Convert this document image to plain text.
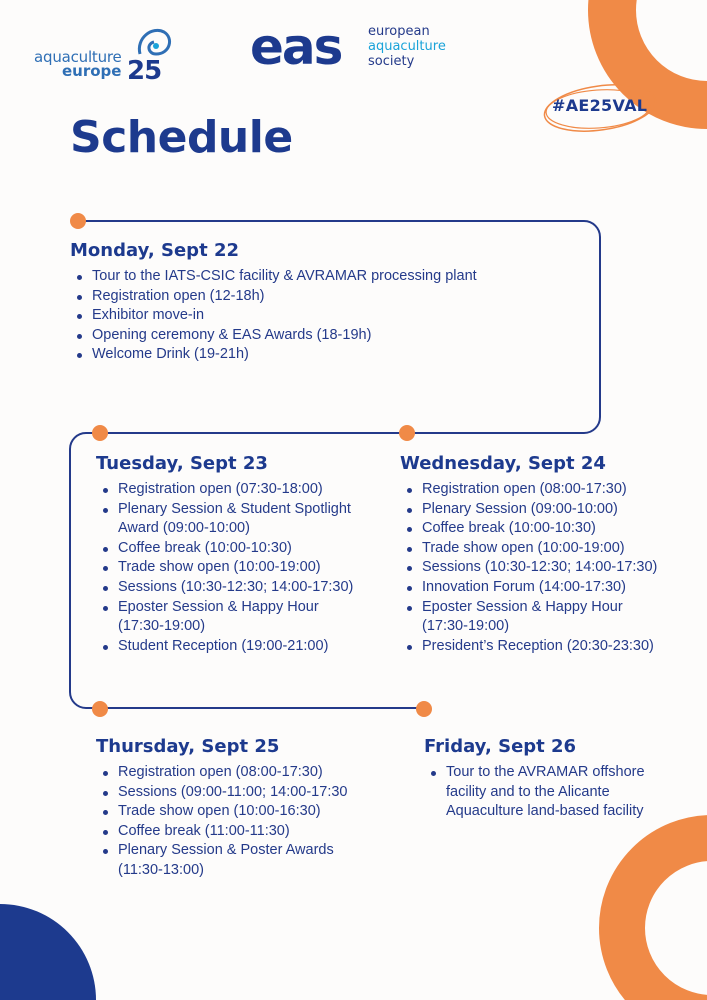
aquaculture
europe 25 eas european
aquaculture
society
#AE25VAL
Schedule
Monday, Sept 22
Tour to the IATS-CSIC facility & AVRAMAR processing plant
Registration open (12-18h)
Exhibitor move-in
Opening ceremony & EAS Awards (18-19h)
Welcome Drink (19-21h)
Tuesday, Sept 23
Registration open (07:30-18:00)
Plenary Session & Student Spotlight Award (09:00-10:00)
Coffee break (10:00-10:30)
Trade show open (10:00-19:00)
Sessions (10:30-12:30; 14:00-17:30)
Eposter Session & Happy Hour (17:30-19:00)
Student Reception (19:00-21:00)
Wednesday, Sept 24
Registration open (08:00-17:30)
Plenary Session (09:00-10:00)
Coffee break (10:00-10:30)
Trade show open (10:00-19:00)
Sessions (10:30-12:30; 14:00-17:30)
Innovation Forum (14:00-17:30)
Eposter Session & Happy Hour (17:30-19:00)
President’s Reception (20:30-23:30)
Thursday, Sept 25
Registration open (08:00-17:30)
Sessions (09:00-11:00; 14:00-17:30
Trade show open (10:00-16:30)
Coffee break (11:00-11:30)
Plenary Session & Poster Awards (11:30-13:00)
Friday, Sept 26
Tour to the AVRAMAR offshore facility and to the Alicante Aquaculture land-based facility
